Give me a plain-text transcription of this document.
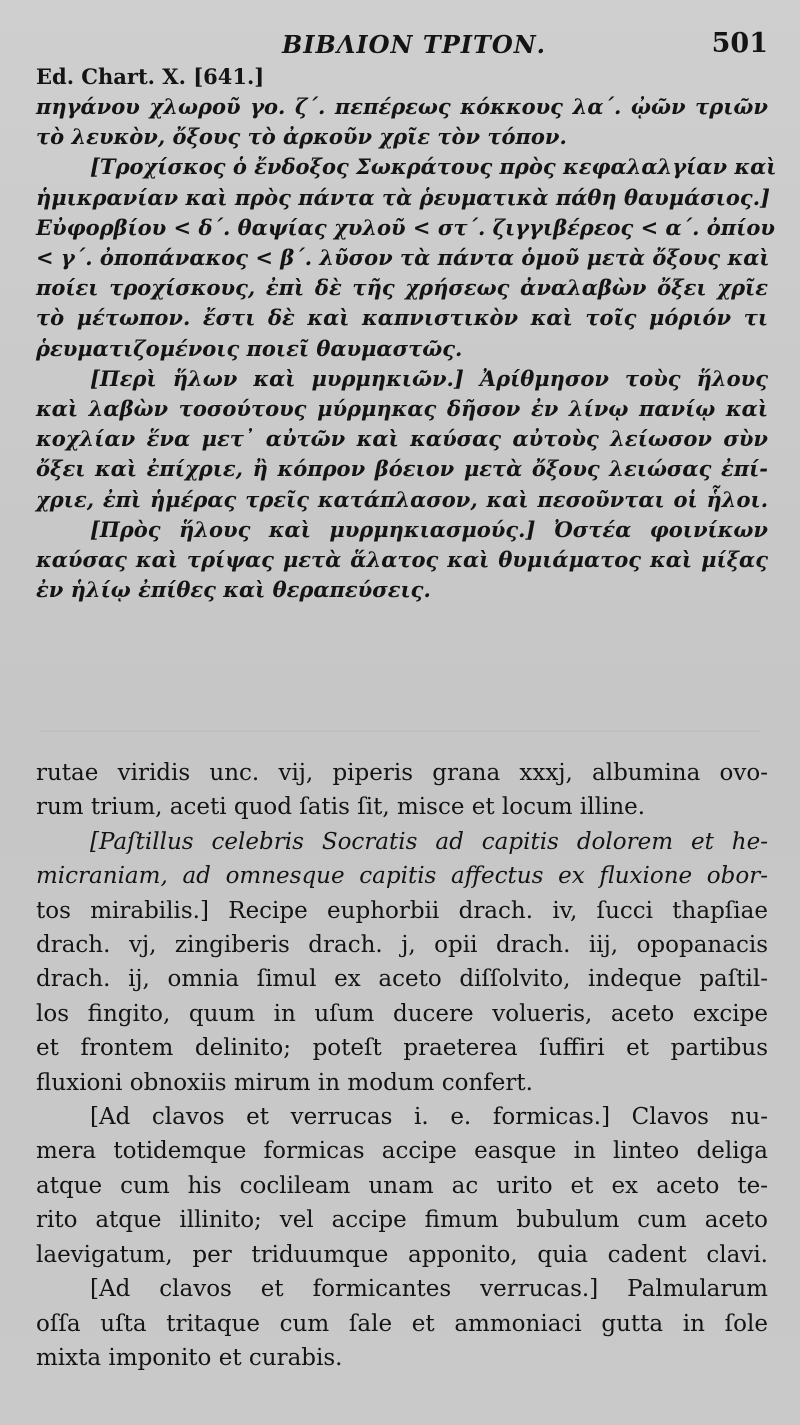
ΒΙΒΛΙΟΝ ΤΡΙΤΟΝ.	501
Ed. Chart. X. [641.]
πηγάνου χλωροῦ γο. ζ΄. πεπέρεως κόκκους λα΄. ᾠῶν τριῶν
τὸ λευκὸν, ὄξους τὸ ἀρκοῦν χρῖε τὸν τόπον.
[Τροχίσκος ὁ ἔνδοξος Σωκράτους πρὸς κεφαλαλγίαν καὶ
ἡμικρανίαν καὶ πρὸς πάντα τὰ ῥευματικὰ πάθη θαυμάσιος.]
Εὐφορβίου < δ΄. θαψίας χυλοῦ < στ΄. ζιγγιβέρεος < α΄. ὀπίου
< γ΄. ὀποπάνακος < β΄. λῦσον τὰ πάντα ὁμοῦ μετὰ ὄξους καὶ
ποίει τροχίσκους, ἐπὶ δὲ τῆς χρήσεως ἀναλαβὼν ὄξει χρῖε
τὸ μέτωπον. ἔστι δὲ καὶ καπνιστικὸν καὶ τοῖς μόριόν τι
ῥευματιζομένοις ποιεῖ θαυμαστῶς.
[Περὶ ἥλων καὶ μυρμηκιῶν.] Ἀρίθμησον τοὺς ἥλους
καὶ λαβὼν τοσούτους μύρμηκας δῆσον ἐν λίνῳ πανίῳ καὶ
κοχλίαν ἕνα μετ᾽ αὐτῶν καὶ καύσας αὐτοὺς λείωσον σὺν
ὄξει καὶ ἐπίχριε, ἢ κόπρον βόειον μετὰ ὄξους λειώσας ἐπί-
χριε, ἐπὶ ἡμέρας τρεῖς κατάπλασον, καὶ πεσοῦνται οἱ ἧλοι.
[Πρὸς ἥλους καὶ μυρμηκιασμούς.] Ὀστέα φοινίκων
καύσας καὶ τρίψας μετὰ ἅλατος καὶ θυμιάματος καὶ μίξας
ἐν ἡλίῳ ἐπίθες καὶ θεραπεύσεις.
rutae viridis unc. vij, piperis grana xxxj, albumina ovo-
rum trium, aceti quod ſatis ſit, misce et locum illine.
[Paſtillus celebris Socratis ad capitis dolorem et he-
micraniam, ad omnesque capitis affectus ex fluxione obor-
tos mirabilis.] Recipe euphorbii drach. iv, ſucci thapſiae
drach. vj, zingiberis drach. j, opii drach. iij, opopanacis
drach. ij, omnia ſimul ex aceto diſſolvito, indeque paſtil-
los fingito, quum in uſum ducere volueris, aceto excipe
et frontem delinito; poteſt praeterea ſuffiri et partibus
fluxioni obnoxiis mirum in modum confert.
[Ad clavos et verrucas i. e. formicas.] Clavos nu-
mera totidemque formicas accipe easque in linteo deliga
atque cum his coclileam unam ac urito et ex aceto te-
rito atque illinito; vel accipe fimum bubulum cum aceto
laevigatum, per triduumque apponito, quia cadent clavi.
[Ad clavos et formicantes verrucas.] Palmularum
oſſa uſta tritaque cum ſale et ammoniaci gutta in ſole
mixta imponito et curabis.
